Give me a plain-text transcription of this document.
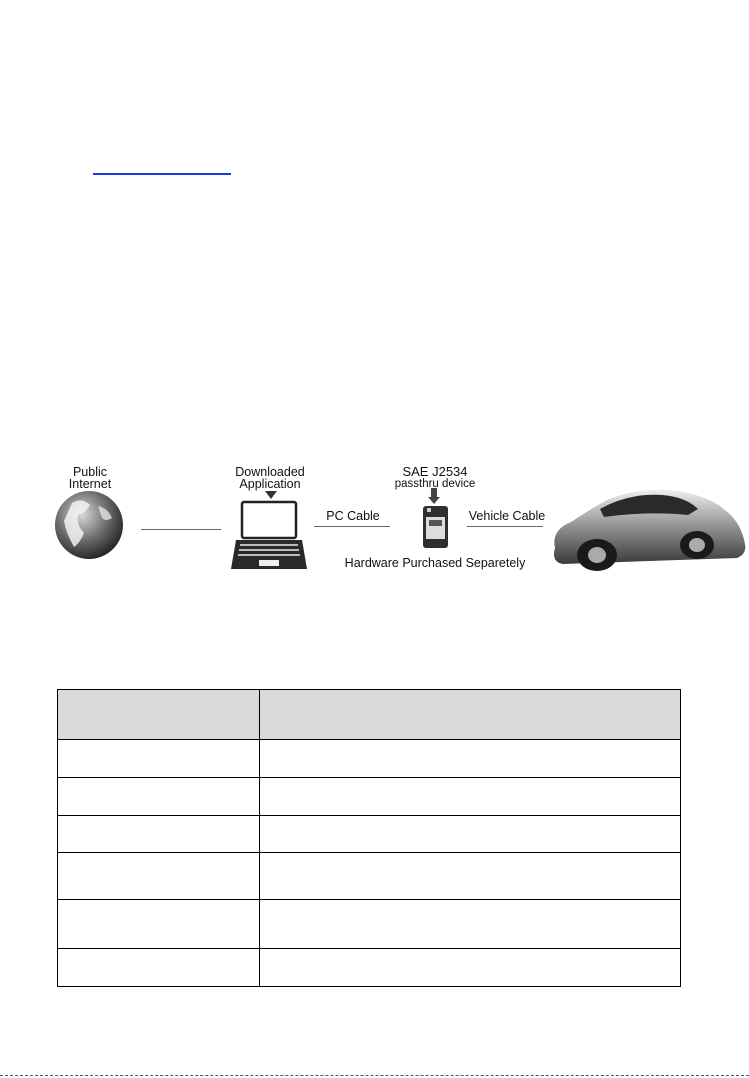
Public
Internet
Downloaded
Application
SAE J2534
passthru device
PC Cable	Vehicle Cable
Hardware Purchased Separetely
